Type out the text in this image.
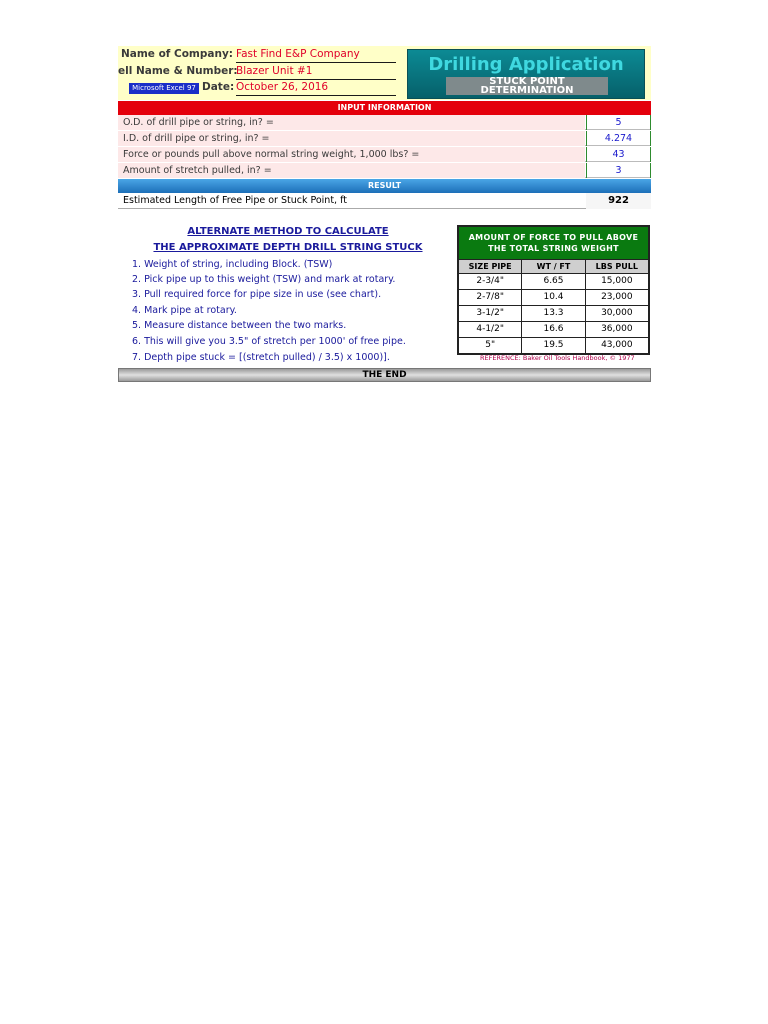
Name of Company: Fast Find E&P Company
ell Name & Number:
Blazer Unit #1
Microsoft Excel 97 Date: October 26, 2016
Drilling Application
STUCK POINT
DETERMINATION
INPUT INFORMATION
O.D. of drill pipe or string, in? =	5
I.D. of drill pipe or string, in? =	4.274
Force or pounds pull above normal string weight, 1,000 lbs? =	43
Amount of stretch pulled, in? =	3
RESULT
Estimated Length of Free Pipe or Stuck Point, ft	922
ALTERNATE METHOD TO CALCULATE
THE APPROXIMATE DEPTH DRILL STRING STUCK
1. Weight of string, including Block. (TSW)
2. Pick pipe up to this weight (TSW) and mark at rotary.
3. Pull required force for pipe size in use (see chart).
4. Mark pipe at rotary.
5. Measure distance between the two marks.
6. This will give you 3.5" of stretch per 1000' of free pipe.
7. Depth pipe stuck = [(stretch pulled) / 3.5) x 1000)].
AMOUNT OF FORCE TO PULL ABOVE
THE TOTAL STRING WEIGHT
SIZE PIPE	WT / FT	LBS PULL
2-3/4"	6.65	15,000
2-7/8"	10.4	23,000
3-1/2"	13.3	30,000
4-1/2"	16.6	36,000
5"	19.5	43,000
REFERENCE: Baker Oil Tools Handbook, © 1977
THE END
